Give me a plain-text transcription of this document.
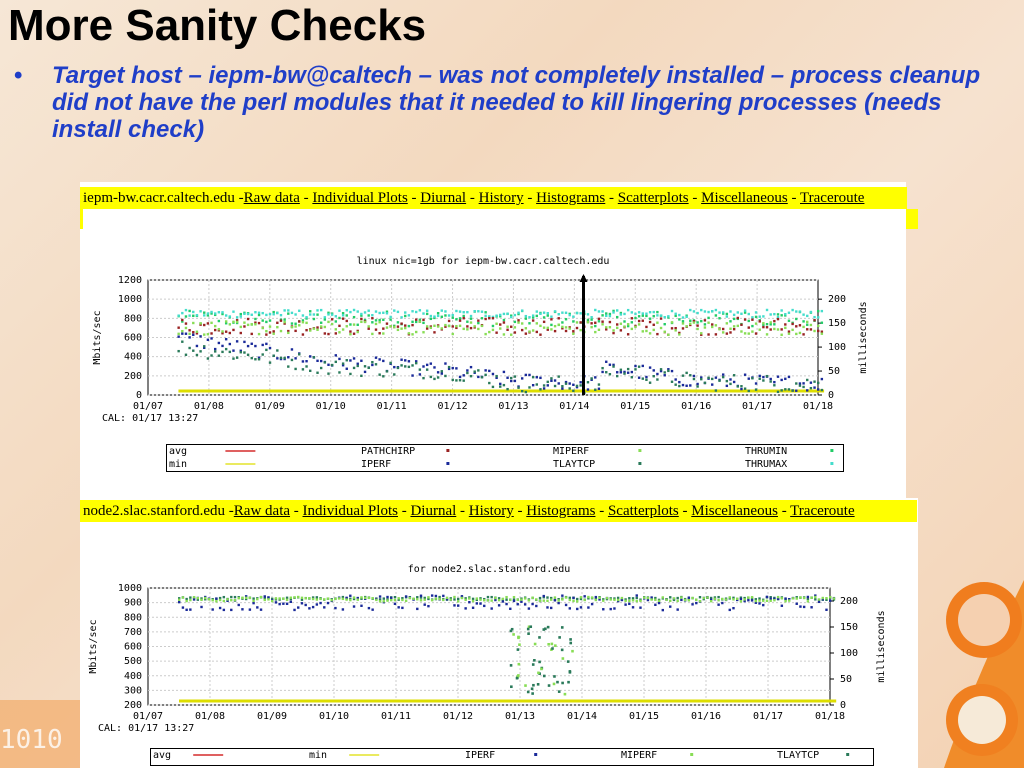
1010
More Sanity Checks
• Target host – iepm-bw@caltech – was not completely installed – process cleanup did not have the perl modules that it needed to kill lingering processes (needs install check)
iepm-bw.cacr.caltech.edu -Raw data - Individual Plots - Diurnal - History - Histograms - Scatterplots - Miscellaneous - Traceroute
linux nic=1gb for iepm-bw.cacr.caltech.edu
0
200
400
600
800
1000
1200
01/07	01/08	01/09	01/10	01/11	01/12	01/13	01/14	01/15	01/16	01/17	01/18
0
50
100
150
200
Mbits/sec	milliseconds
CAL: 01/17 13:27
avg	PATHCHIRP	MIPERF	THRUMIN
min	IPERF	TLAYTCP	THRUMAX
node2.slac.stanford.edu -Raw data - Individual Plots - Diurnal - History - Histograms - Scatterplots - Miscellaneous - Traceroute
for node2.slac.stanford.edu
200
300
400
500
600
700
800
900
1000
01/07	01/08	01/09	01/10	01/11	01/12	01/13	01/14	01/15	01/16	01/17	01/18
0
50
100
150
200
Mbits/sec	milliseconds
CAL: 01/17 13:27
avg	min	IPERF	MIPERF	TLAYTCP
